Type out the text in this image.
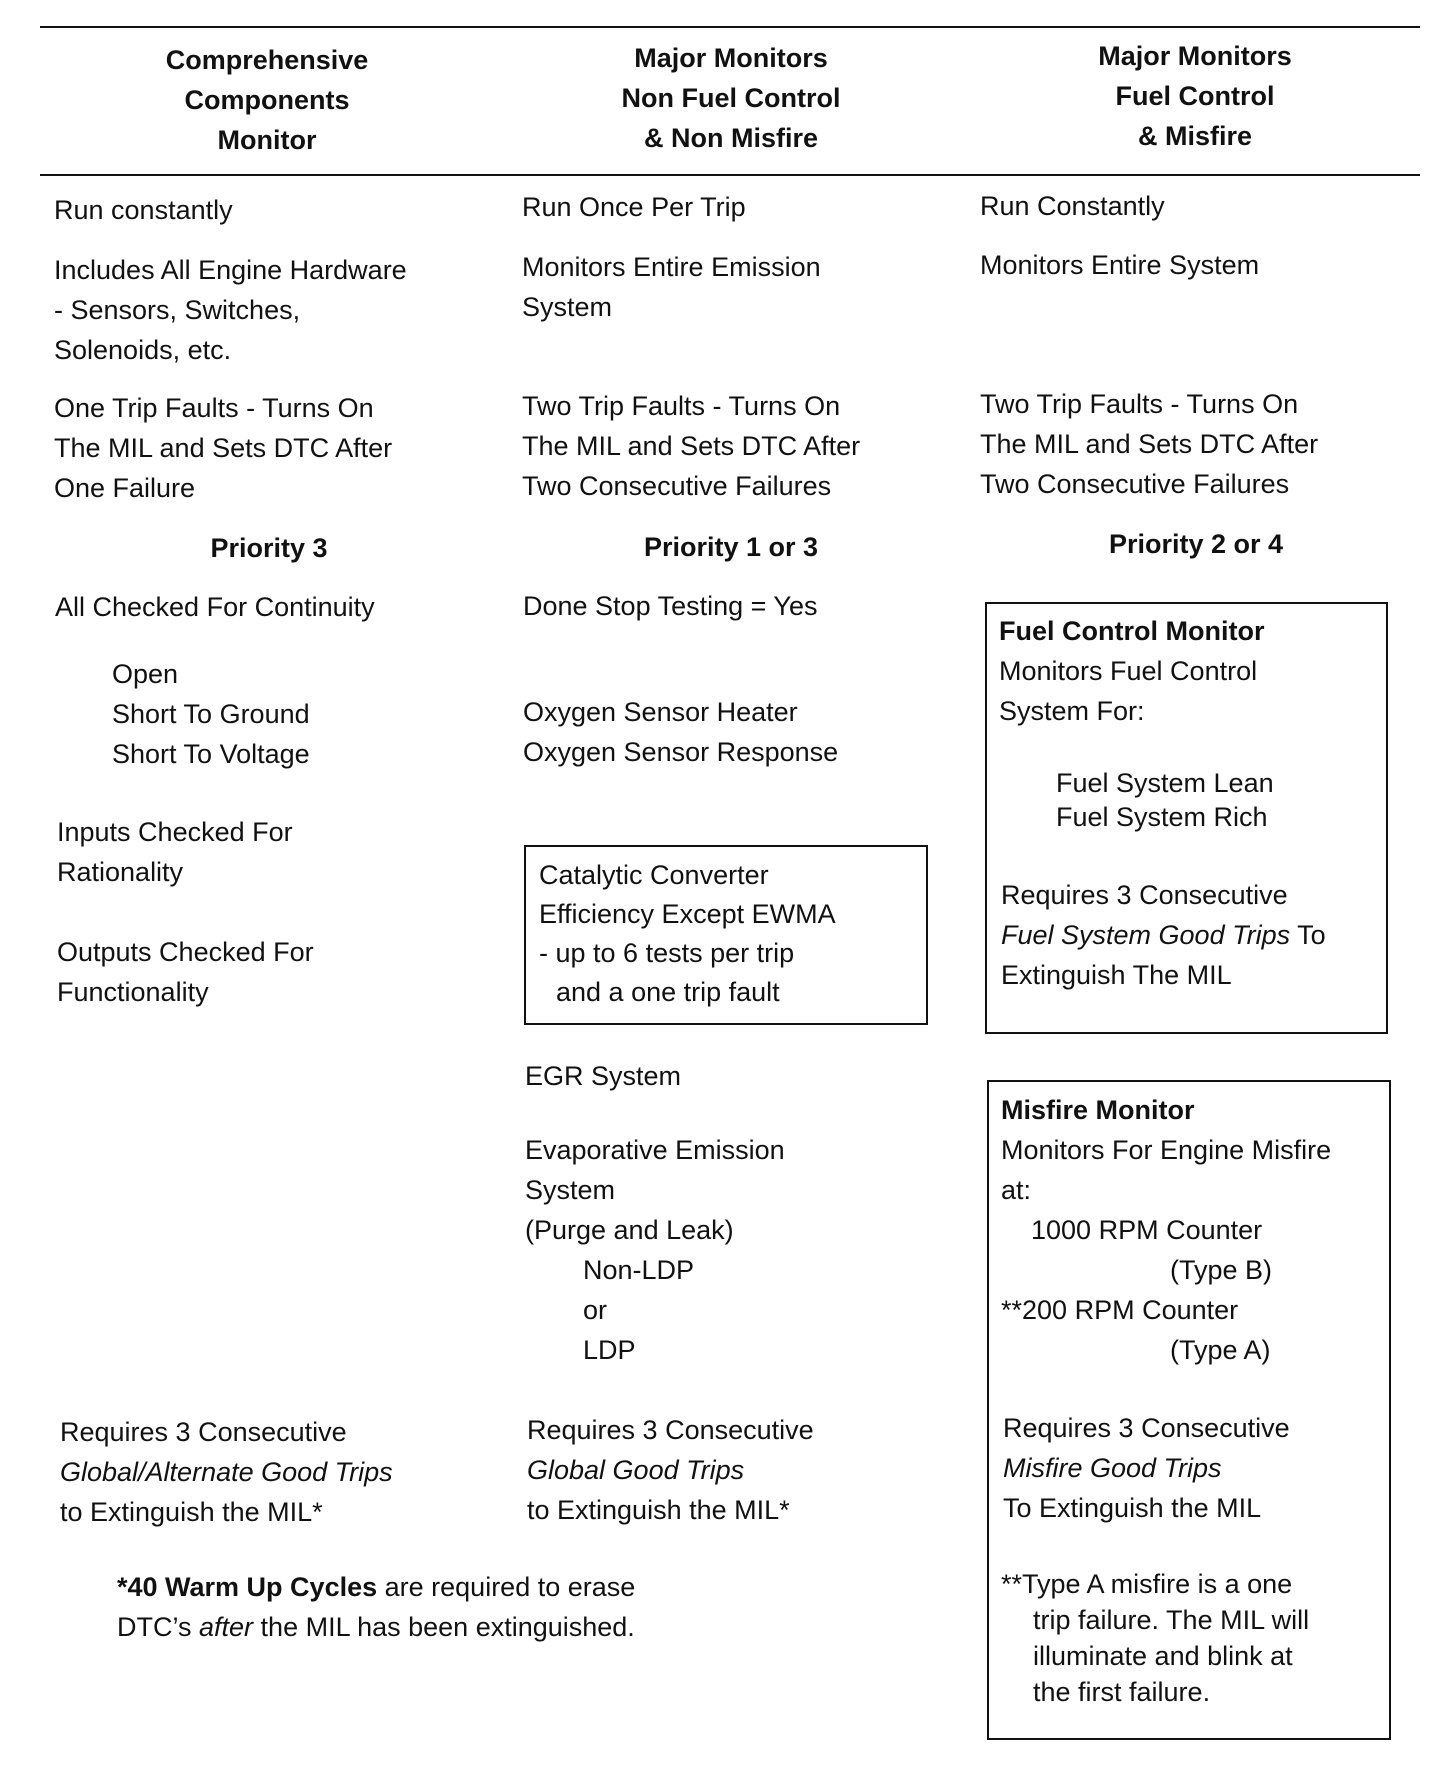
Comprehensive
Components
Monitor
Major Monitors
Non Fuel Control
& Non Misfire
Major Monitors
Fuel Control
& Misfire
Run constantly
Includes All Engine Hardware
- Sensors, Switches,
Solenoids, etc.
One Trip Faults - Turns On
The MIL and Sets DTC After
One Failure
Priority 3
All Checked For Continuity
Open
Short To Ground
Short To Voltage
Inputs Checked For
Rationality
Outputs Checked For
Functionality
Requires 3 Consecutive
Global/Alternate Good Trips
to Extinguish the MIL*
Run Once Per Trip
Monitors Entire Emission
System
Two Trip Faults - Turns On
The MIL and Sets DTC After
Two Consecutive Failures
Priority 1 or 3
Done Stop Testing = Yes
Oxygen Sensor Heater
Oxygen Sensor Response
Catalytic Converter
Efficiency Except EWMA
- up to 6 tests per trip
and a one trip fault
EGR System
Evaporative Emission
System
(Purge and Leak)
Non-LDP
or
LDP
Requires 3 Consecutive
Global Good Trips
to Extinguish the MIL*
Run Constantly
Monitors Entire System
Two Trip Faults - Turns On
The MIL and Sets DTC After
Two Consecutive Failures
Priority 2 or 4
Fuel Control Monitor
Monitors Fuel Control
System For:
Fuel System Lean
Fuel System Rich
Requires 3 Consecutive
Fuel System Good Trips To
Extinguish The MIL
Misfire Monitor
Monitors For Engine Misfire
at:
1000 RPM Counter
(Type B)
**200 RPM Counter
(Type A)
Requires 3 Consecutive
Misfire Good Trips
To Extinguish the MIL
**Type A misfire is a one
trip failure. The MIL will
illuminate and blink at
the first failure.
*40 Warm Up Cycles are required to erase
DTC’s after the MIL has been extinguished.
